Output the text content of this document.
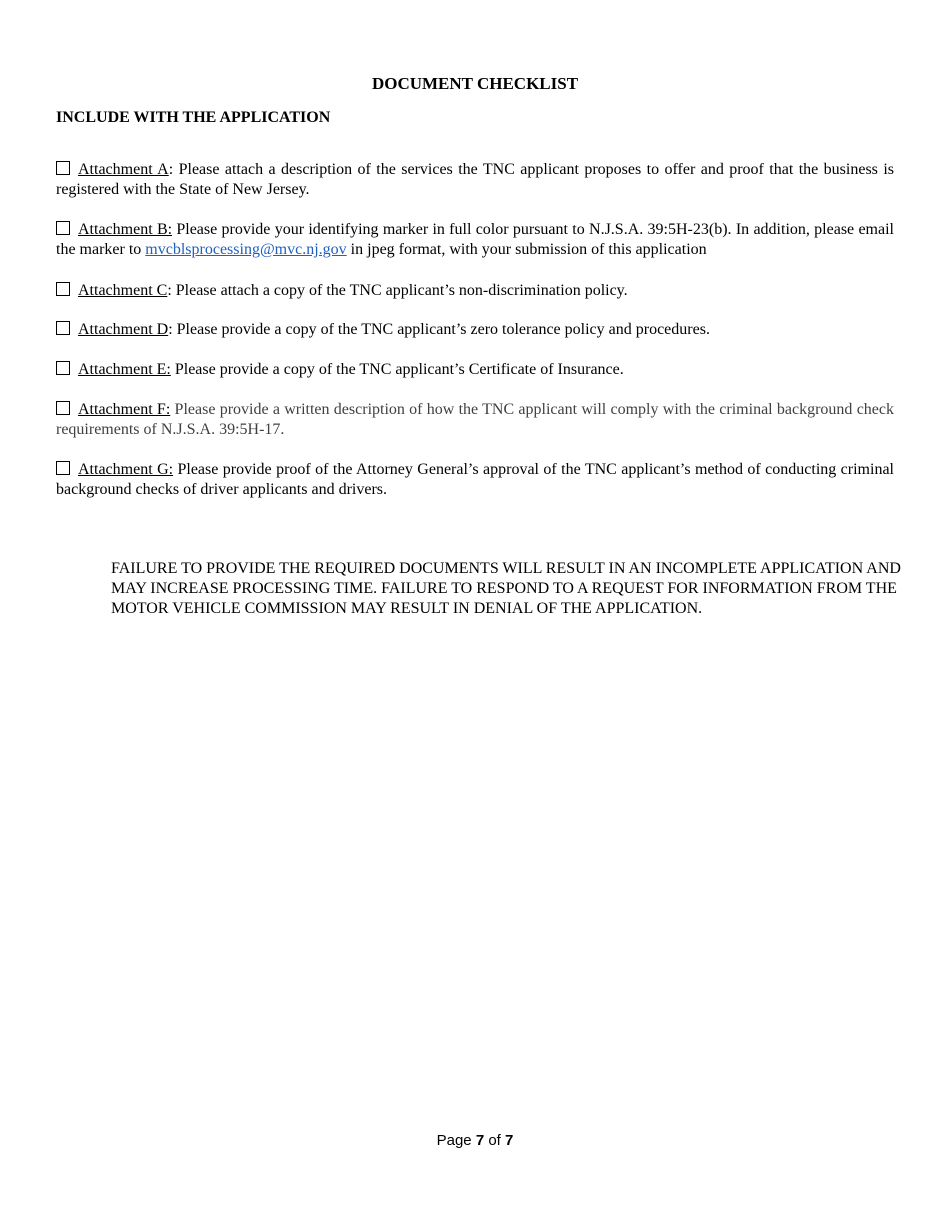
DOCUMENT CHECKLIST
INCLUDE WITH THE APPLICATION
Attachment A: Please attach a description of the services the TNC applicant proposes to offer and proof that the business is registered with the State of New Jersey.
Attachment B: Please provide your identifying marker in full color pursuant to N.J.S.A. 39:5H-23(b). In addition, please email the marker to mvcblsprocessing@mvc.nj.gov in jpeg format, with your submission of this application
Attachment C: Please attach a copy of the TNC applicant’s non-discrimination policy.
Attachment D: Please provide a copy of the TNC applicant’s zero tolerance policy and procedures.
Attachment E: Please provide a copy of the TNC applicant’s Certificate of Insurance.
Attachment F: Please provide a written description of how the TNC applicant will comply with the criminal background check requirements of N.J.S.A. 39:5H-17.
Attachment G: Please provide proof of the Attorney General’s approval of the TNC applicant’s method of conducting criminal background checks of driver applicants and drivers.
FAILURE TO PROVIDE THE REQUIRED DOCUMENTS WILL RESULT IN AN INCOMPLETE APPLICATION AND MAY INCREASE PROCESSING TIME. FAILURE TO RESPOND TO A REQUEST FOR INFORMATION FROM THE MOTOR VEHICLE COMMISSION MAY RESULT IN DENIAL OF THE APPLICATION.
Page 7 of 7
